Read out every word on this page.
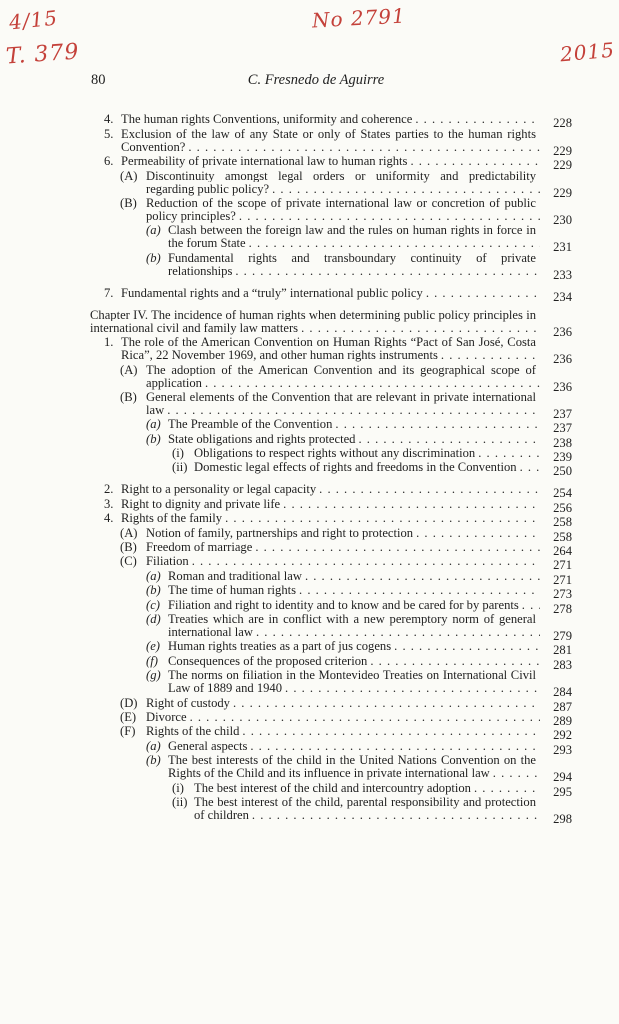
4/15
T. 379
No 2791
2015
80	C. Fresnedo de Aguirre
4. The human rights Conventions, uniformity and coherence . . .	228
5. Exclusion of the law of any State or only of States parties to the human rights Convention? . . .	229
6. Permeability of private international law to human rights . . .	229
(A) Discontinuity amongst legal orders or uniformity and predictability regarding public policy? . . .	229
(B) Reduction of the scope of private international law or concretion of public policy principles? . . .	230
(a) Clash between the foreign law and the rules on human rights in force in the forum State . . .	231
(b) Fundamental rights and transboundary continuity of private relationships . . .	233
7. Fundamental rights and a “truly” international public policy . . .	234
Chapter IV. The incidence of human rights when determining public policy principles in international civil and family law matters . . .	236
1. The role of the American Convention on Human Rights “Pact of San José, Costa Rica”, 22 November 1969, and other human rights instruments . . .	236
(A) The adoption of the American Convention and its geographical scope of application . . .	236
(B) General elements of the Convention that are relevant in private international law . . .	237
(a) The Preamble of the Convention . . .	237
(b) State obligations and rights protected . . .	238
(i) Obligations to respect rights without any discrimination . . .	239
(ii) Domestic legal effects of rights and freedoms in the Convention . . .	250
2. Right to a personality or legal capacity . . .	254
3. Right to dignity and private life . . .	256
4. Rights of the family . . .	258
(A) Notion of family, partnerships and right to protection . . .	258
(B) Freedom of marriage . . .	264
(C) Filiation . . .	271
(a) Roman and traditional law . . .	271
(b) The time of human rights . . .	273
(c) Filiation and right to identity and to know and be cared for by parents . . .	278
(d) Treaties which are in conflict with a new peremptory norm of general international law . . .	279
(e) Human rights treaties as a part of jus cogens . . .	281
(f) Consequences of the proposed criterion . . .	283
(g) The norms on filiation in the Montevideo Treaties on International Civil Law of 1889 and 1940 . . .	284
(D) Right of custody . . .	287
(E) Divorce . . .	289
(F) Rights of the child . . .	292
(a) General aspects . . .	293
(b) The best interests of the child in the United Nations Convention on the Rights of the Child and its influence in private international law . . .	294
(i) The best interest of the child and intercountry adoption . . .	295
(ii) The best interest of the child, parental responsibility and protection of children . . .	298
